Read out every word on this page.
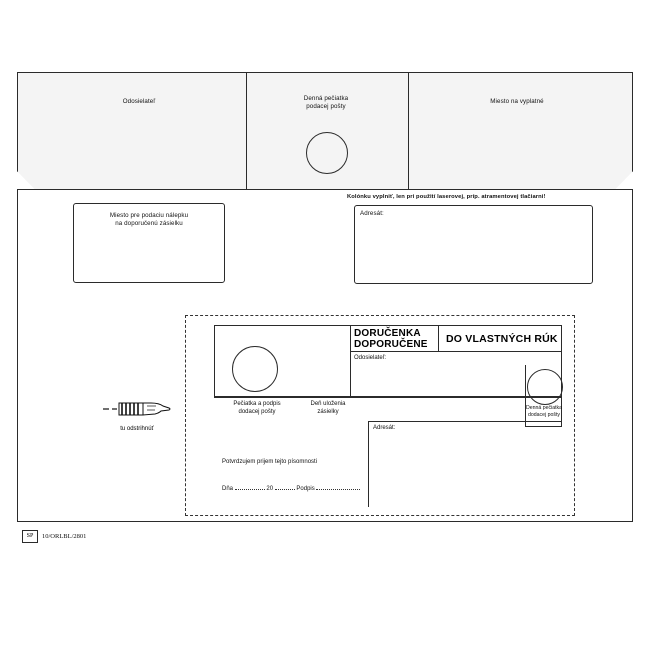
Odosielateľ	Denná pečiatka
podacej pošty
Miesto na vyplatné
Miesto pre podaciu nálepku
na doporučenú zásielku
Kolónku vyplniť, len pri použití laserovej, príp. atramentovej tlačiarni!
Adresát:
DORUČENKA
DOPORUČENE	DO VLASTNÝCH RÚK
Odosielateľ:
Pečiatka a podpis
dodacej pošty
Deň uloženia
zásielky
Denná pečiatka
dodacej pošty
Adresát:
Potvrdzujem prijem tejto písomnosti
Dňa	20	Podpis
tu odstrihnúť
SP	10/ORLBL/2801
